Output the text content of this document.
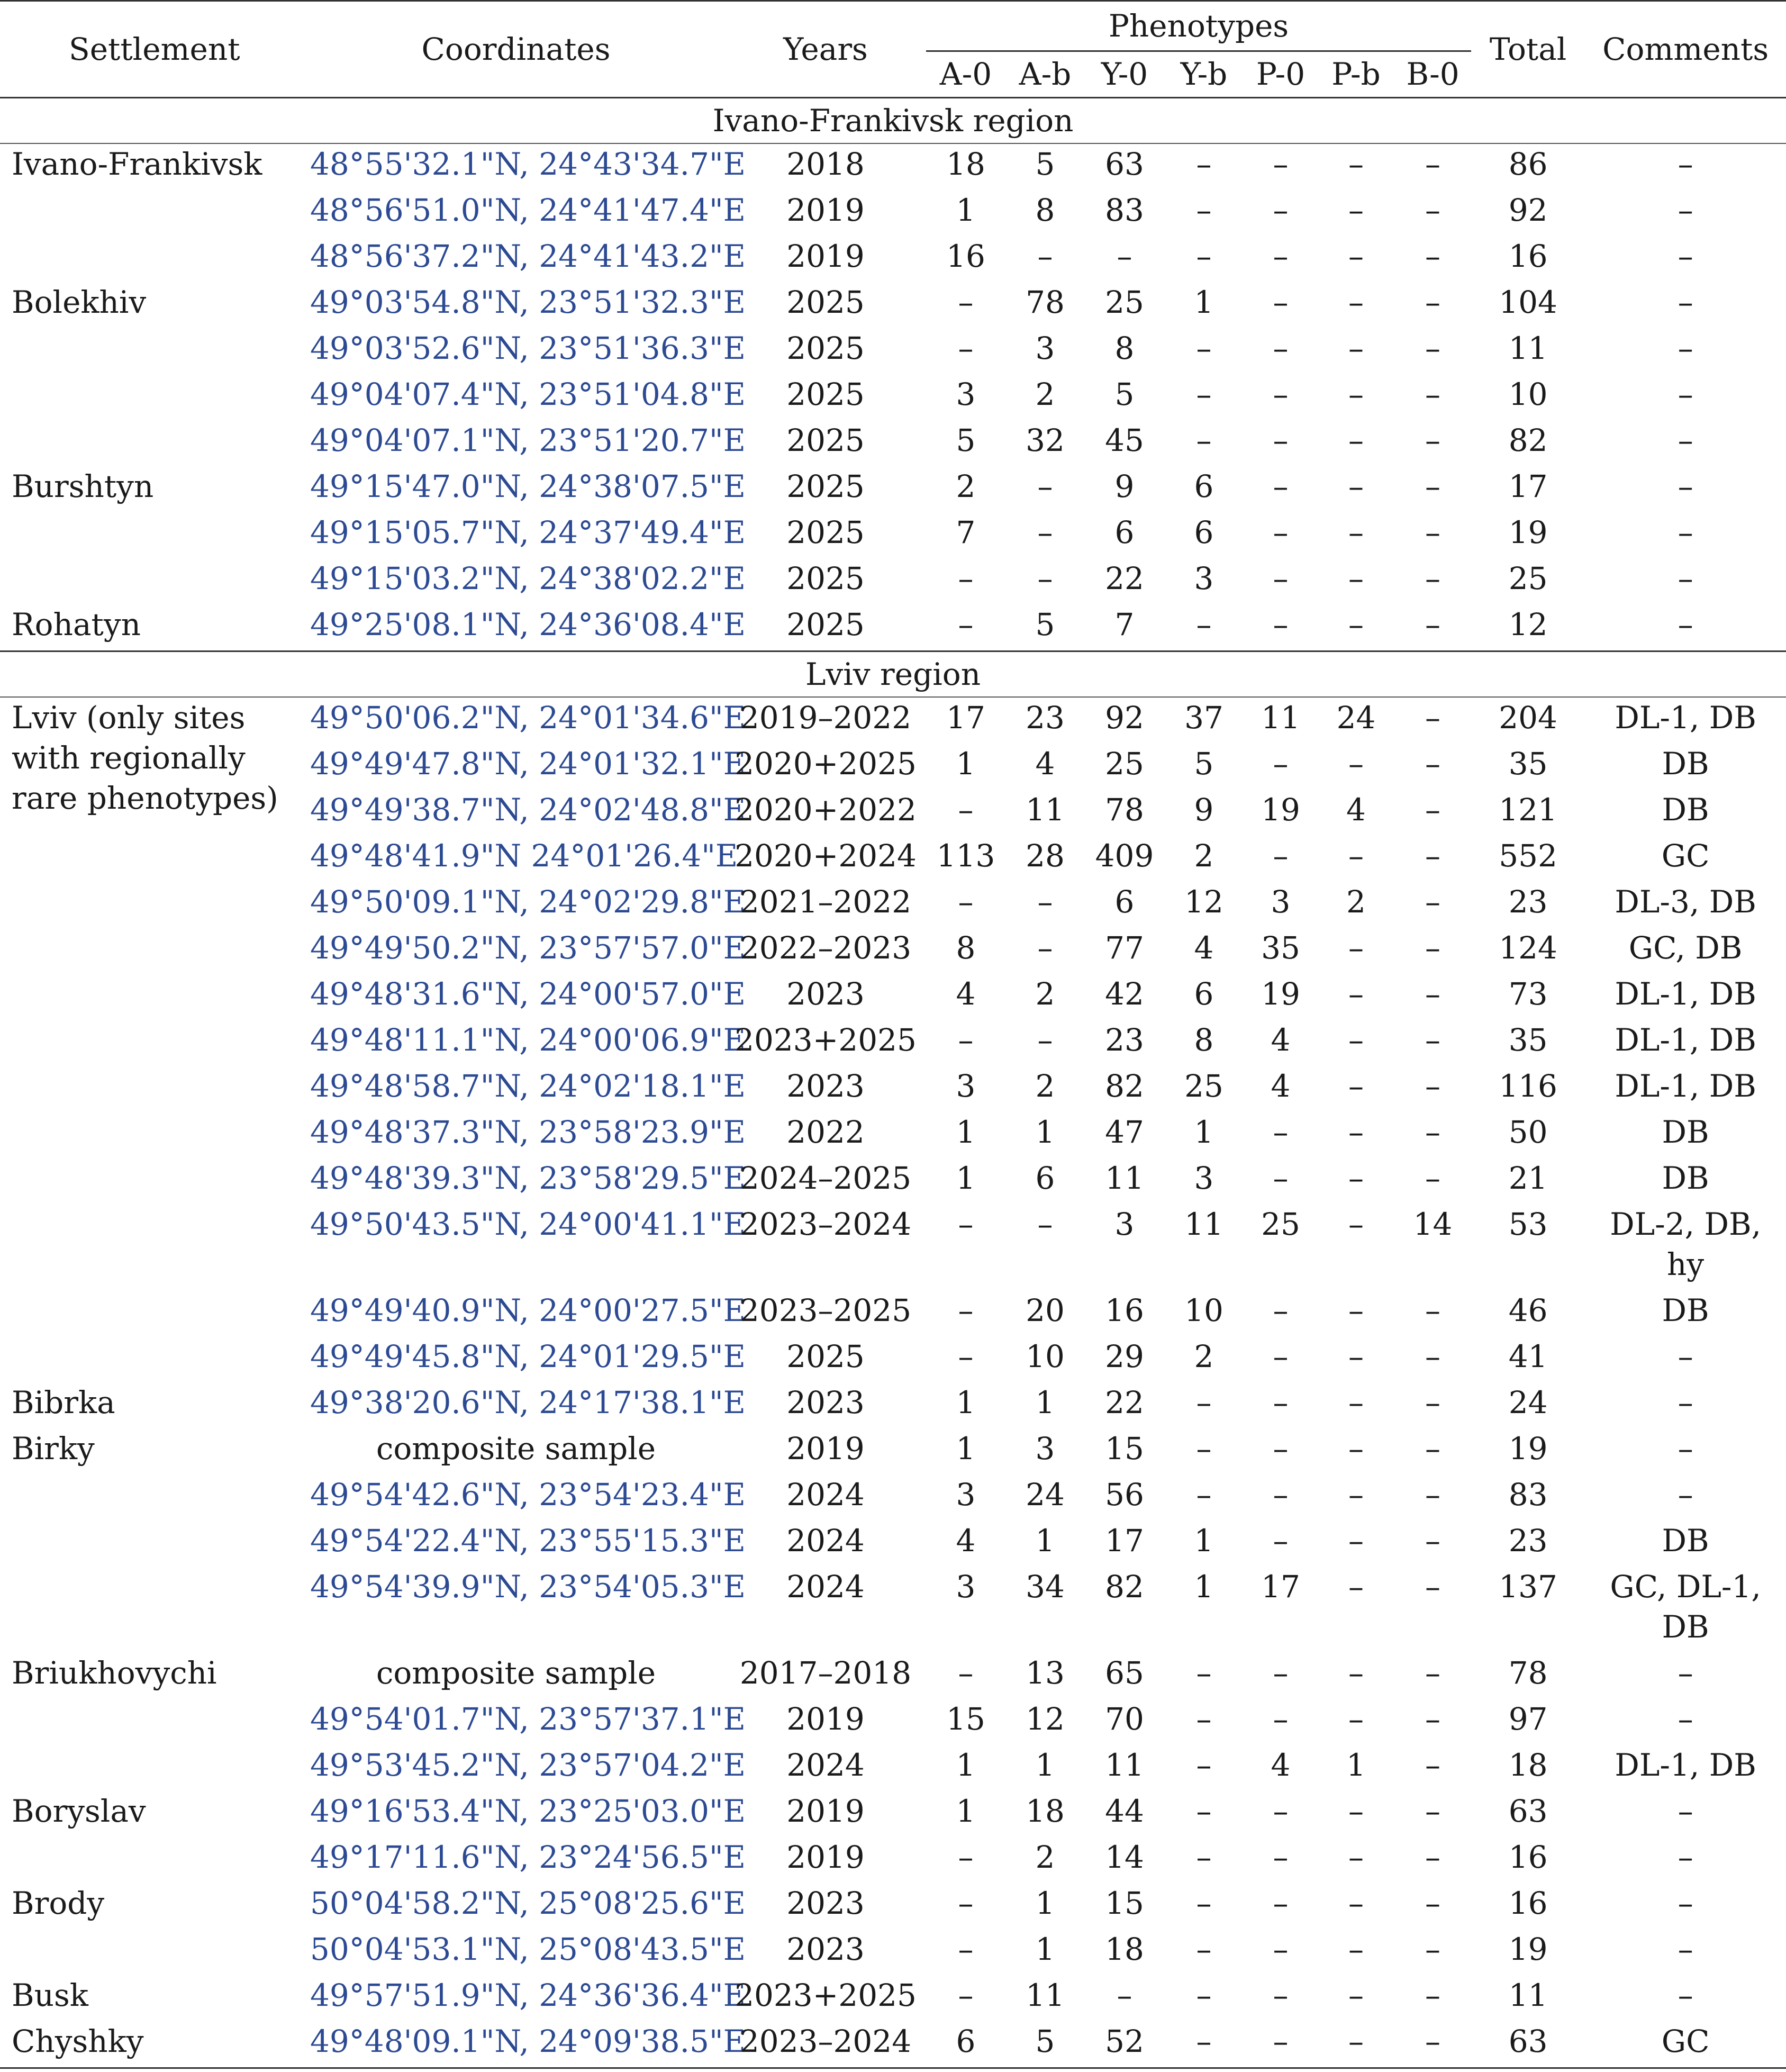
Settlement	Coordinates	Years	Phenotypes							Total	Comments
			A-0	A-b	Y-0	Y-b	P-0	P-b	B-0		
Ivano-Frankivsk region											
Ivano-Frankivsk	48°55'32.1"N, 24°43'34.7"E	2018	18	5	63	–	–	–	–	86	–
	48°56'51.0"N, 24°41'47.4"E	2019	1	8	83	–	–	–	–	92	–
	48°56'37.2"N, 24°41'43.2"E	2019	16	–	–	–	–	–	–	16	–
Bolekhiv	49°03'54.8"N, 23°51'32.3"E	2025	–	78	25	1	–	–	–	104	–
	49°03'52.6"N, 23°51'36.3"E	2025	–	3	8	–	–	–	–	11	–
	49°04'07.4"N, 23°51'04.8"E	2025	3	2	5	–	–	–	–	10	–
	49°04'07.1"N, 23°51'20.7"E	2025	5	32	45	–	–	–	–	82	–
Burshtyn	49°15'47.0"N, 24°38'07.5"E	2025	2	–	9	6	–	–	–	17	–
	49°15'05.7"N, 24°37'49.4"E	2025	7	–	6	6	–	–	–	19	–
	49°15'03.2"N, 24°38'02.2"E	2025	–	–	22	3	–	–	–	25	–
Rohatyn	49°25'08.1"N, 24°36'08.4"E	2025	–	5	7	–	–	–	–	12	–
Lviv region											

Lviv (only sites with regionally rare phenotypes)	49°50'06.2"N, 24°01'34.6"E	2019–2022	17	23	92	37	11	24	–	204	DL-1, DB
	49°49'47.8"N, 24°01'32.1"E	2020+2025	1	4	25	5	–	–	–	35	DB
	49°49'38.7"N, 24°02'48.8"E	2020+2022	–	11	78	9	19	4	–	121	DB
	49°48'41.9"N 24°01'26.4"E	2020+2024	113	28	409	2	–	–	–	552	GC
	49°50'09.1"N, 24°02'29.8"E	2021–2022	–	–	6	12	3	2	–	23	DL-3, DB
	49°49'50.2"N, 23°57'57.0"E	2022–2023	8	–	77	4	35	–	–	124	GC, DB
	49°48'31.6"N, 24°00'57.0"E	2023	4	2	42	6	19	–	–	73	DL-1, DB
	49°48'11.1"N, 24°00'06.9"E	2023+2025	–	–	23	8	4	–	–	35	DL-1, DB
	49°48'58.7"N, 24°02'18.1"E	2023	3	2	82	25	4	–	–	116	DL-1, DB
	49°48'37.3"N, 23°58'23.9"E	2022	1	1	47	1	–	–	–	50	DB
	49°48'39.3"N, 23°58'29.5"E	2024–2025	1	6	11	3	–	–	–	21	DB
	49°50'43.5"N, 24°00'41.1"E	2023–2024	–	–	3	11	25	–	14	53	DL-2, DB, hy
	49°49'40.9"N, 24°00'27.5"E	2023–2025	–	20	16	10	–	–	–	46	DB
	49°49'45.8"N, 24°01'29.5"E	2025	–	10	29	2	–	–	–	41	–
Bibrka	49°38'20.6"N, 24°17'38.1"E	2023	1	1	22	–	–	–	–	24	–
Birky	composite sample	2019	1	3	15	–	–	–	–	19	–
	49°54'42.6"N, 23°54'23.4"E	2024	3	24	56	–	–	–	–	83	–
	49°54'22.4"N, 23°55'15.3"E	2024	4	1	17	1	–	–	–	23	DB
	49°54'39.9"N, 23°54'05.3"E	2024	3	34	82	1	17	–	–	137	GC, DL-1, DB
Briukhovychi	composite sample	2017–2018	–	13	65	–	–	–	–	78	–
	49°54'01.7"N, 23°57'37.1"E	2019	15	12	70	–	–	–	–	97	–
	49°53'45.2"N, 23°57'04.2"E	2024	1	1	11	–	4	1	–	18	DL-1, DB
Boryslav	49°16'53.4"N, 23°25'03.0"E	2019	1	18	44	–	–	–	–	63	–
	49°17'11.6"N, 23°24'56.5"E	2019	–	2	14	–	–	–	–	16	–
Brody	50°04'58.2"N, 25°08'25.6"E	2023	–	1	15	–	–	–	–	16	–
	50°04'53.1"N, 25°08'43.5"E	2023	–	1	18	–	–	–	–	19	–
Busk	49°57'51.9"N, 24°36'36.4"E	2023+2025	–	11	–	–	–	–	–	11	–
Chyshky	49°48'09.1"N, 24°09'38.5"E	2023–2024	6	5	52	–	–	–	–	63	GC
